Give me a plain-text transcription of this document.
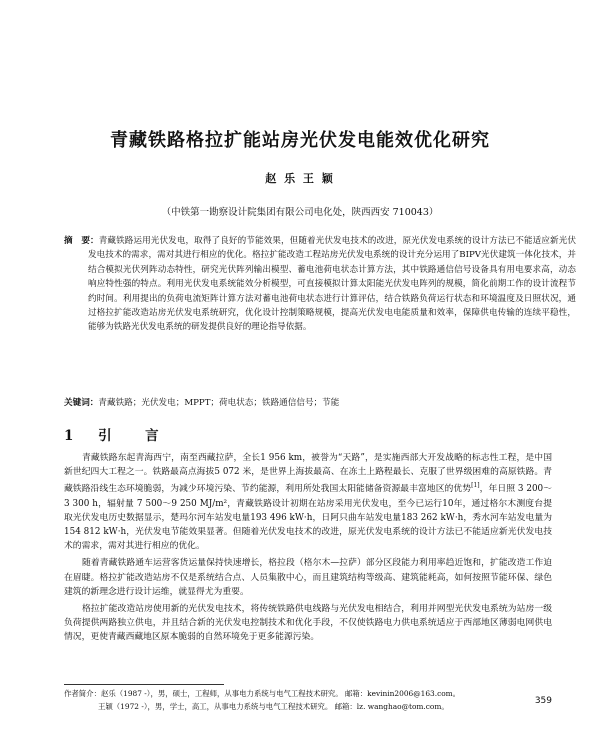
青藏铁路格拉扩能站房光伏发电能效优化研究
赵 乐 王 颖
（中铁第一勘察设计院集团有限公司电化处，陕西西安 710043）
摘　要：青藏铁路运用光伏发电，取得了良好的节能效果，但随着光伏发电技术的改进，原光伏发电系统的设计方法已不能适应新光伏发电技术的需求，需对其进行相应的优化。格拉扩能改造工程站房光伏发电系统的设计充分运用了BIPV光伏建筑一体化技术，并结合模拟光伏列阵动态特性，研究光伏阵列输出模型、蓄电池荷电状态计算方法，其中铁路通信信号设备具有用电要求高，动态响应特性强的特点。利用光伏发电系统能效分析模型，可直接模拟计算太阳能光伏发电阵列的规模，简化前期工作的设计流程节约时间。利用提出的负荷电流矩阵计算方法对蓄电池荷电状态进行计算评估，结合铁路负荷运行状态和环境温度及日照状况，通过格拉扩能改造站房光伏发电系统研究，优化设计控制策略规模，提高光伏发电电能质量和效率，保障供电传输的连续平稳性，能够为铁路光伏发电系统的研发提供良好的理论指导依据。
关键词：青藏铁路；光伏发电；MPPT；荷电状态；铁路通信信号；节能
1 引　言

青藏铁路东起青海西宁，南至西藏拉萨，全长1 956 km，被誉为“天路”，是实施西部大开发战略的标志性工程，是中国新世纪四大工程之一。铁路最高点海拔5 072 米，是世界上海拔最高、在冻土上路程最长、克服了世界级困难的高原铁路。青藏铁路沿线生态环境脆弱，为减少环境污染、节约能源，利用所处我国太阳能储备资源最丰富地区的优势[1]，年日照 3 200～3 300 h，辐射量 7 500～9 250 MJ/m²，青藏铁路设计初期在站房采用光伏发电，至今已运行10年，通过格尔木测度台提取光伏发电历史数据显示，楚玛尔河车站发电量193 496 kW·h，日阿只曲车站发电量183 262 kW·h，秀水河车站发电量为154 812 kW·h，光伏发电节能效果显著。但随着光伏发电技术的改进，原光伏发电系统的设计方法已不能适应新光伏发电技术的需求，需对其进行相应的优化。

随着青藏铁路通车运营客货运量保持快速增长，格拉段（格尔木—拉萨）部分区段能力利用率趋近饱和，扩能改造工作迫在眉睫。格拉扩能改造站房不仅是系统结合点、人员集散中心，而且建筑结构等级高、建筑能耗高，如何按照节能环保、绿色建筑的新理念进行设计运维，就显得尤为重要。

格拉扩能改造站房使用新的光伏发电技术，将传统铁路供电线路与光伏发电相结合，利用并网型光伏发电系统为站房一级负荷提供两路独立供电，并且结合新的光伏发电控制技术和优化手段，不仅使铁路电力供电系统适应于西部地区薄弱电网供电情况，更使青藏西藏地区原本脆弱的自然环境免于更多能源污染。

作者简介：赵乐（1987 -），男，硕士，工程师，从事电力系统与电气工程技术研究。 邮箱：kevinin2006@163.com。
王颖（1972 -），男，学士，高工，从事电力系统与电气工程技术研究。 邮箱：lz. wanghao@tom.com。	359
